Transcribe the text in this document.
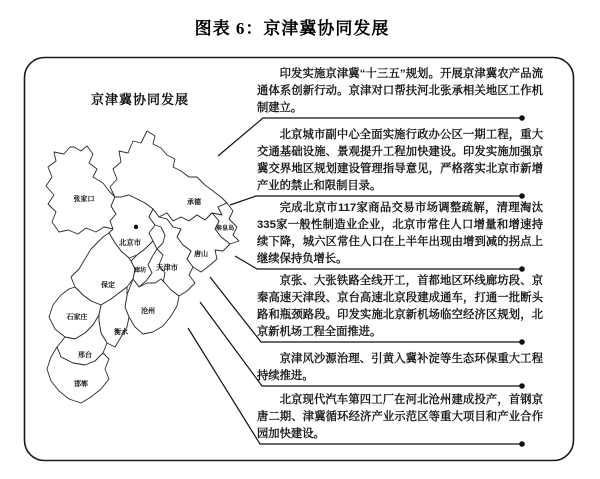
图表 6：京津冀协同发展
张家口	承德
北京市
秦皇岛
唐山
廊坊 天津市
保定
石家庄
沧州
衡水
邢台
邯郸
京津冀协同发展
印发实施京津冀“十三五”规划。开展京津冀农产品流通体系创新行动。京津对口帮扶河北张承相关地区工作机制建立。
北京城市副中心全面实施行政办公区一期工程，重大交通基础设施、景观提升工程加快建设。印发实施加强京冀交界地区规划建设管理指导意见，严格落实北京市新增产业的禁止和限制目录。
完成北京市117家商品交易市场调整疏解，清理淘汰335家一般性制造业企业，北京市常住人口增量和增速持续下降，城六区常住人口在上半年出现由增到减的拐点上继续保持负增长。
京张、大张铁路全线开工，首都地区环线廊坊段、京秦高速天津段、京台高速北京段建成通车，打通一批断头路和瓶颈路段。印发实施北京新机场临空经济区规划，北京新机场工程全面推进。
京津风沙源治理、引黄入冀补淀等生态环保重大工程持续推进。
北京现代汽车第四工厂在河北沧州建成投产，首钢京唐二期、津冀循环经济产业示范区等重大项目和产业合作园加快建设。
